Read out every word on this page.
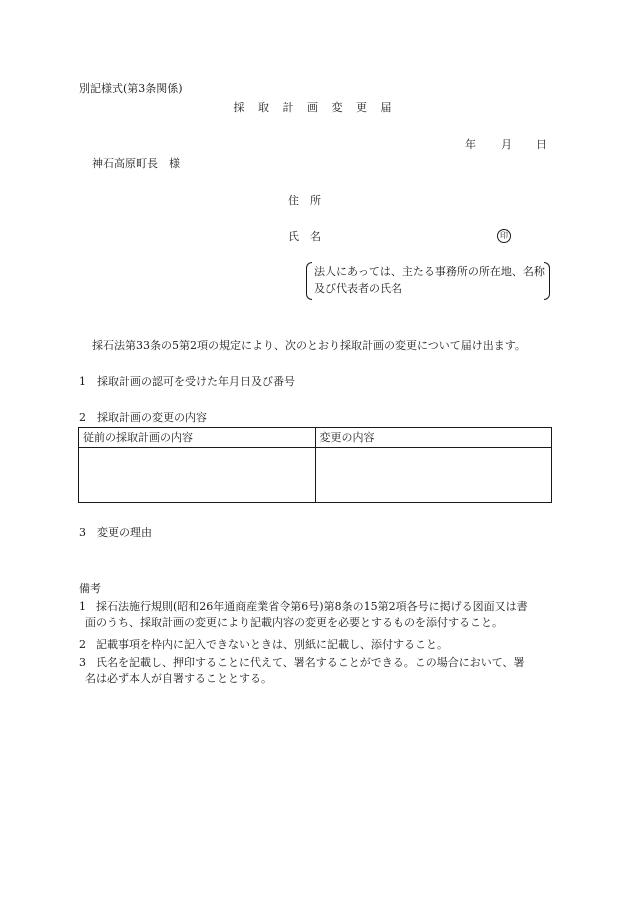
別記様式(第3条関係)
採 取 計 画 変 更 届
年 月 日
神石高原町長　様
住　所
氏　名	印
法人にあっては、主たる事務所の所在地、名称及び代表者の氏名
採石法第33条の5第2項の規定により、次のとおり採取計画の変更について届け出ます。
1　採取計画の認可を受けた年月日及び番号
2　採取計画の変更の内容
従前の採取計画の内容	変更の内容

3　変更の理由
備考
1 採石法施行規則(昭和26年通商産業省令第6号)第8条の15第2項各号に掲げる図面又は書
面のうち、採取計画の変更により記載内容の変更を必要とするものを添付すること。
2 記載事項を枠内に記入できないときは、別紙に記載し、添付すること。
3 氏名を記載し、押印することに代えて、署名することができる。この場合において、署
名は必ず本人が自署することとする。
